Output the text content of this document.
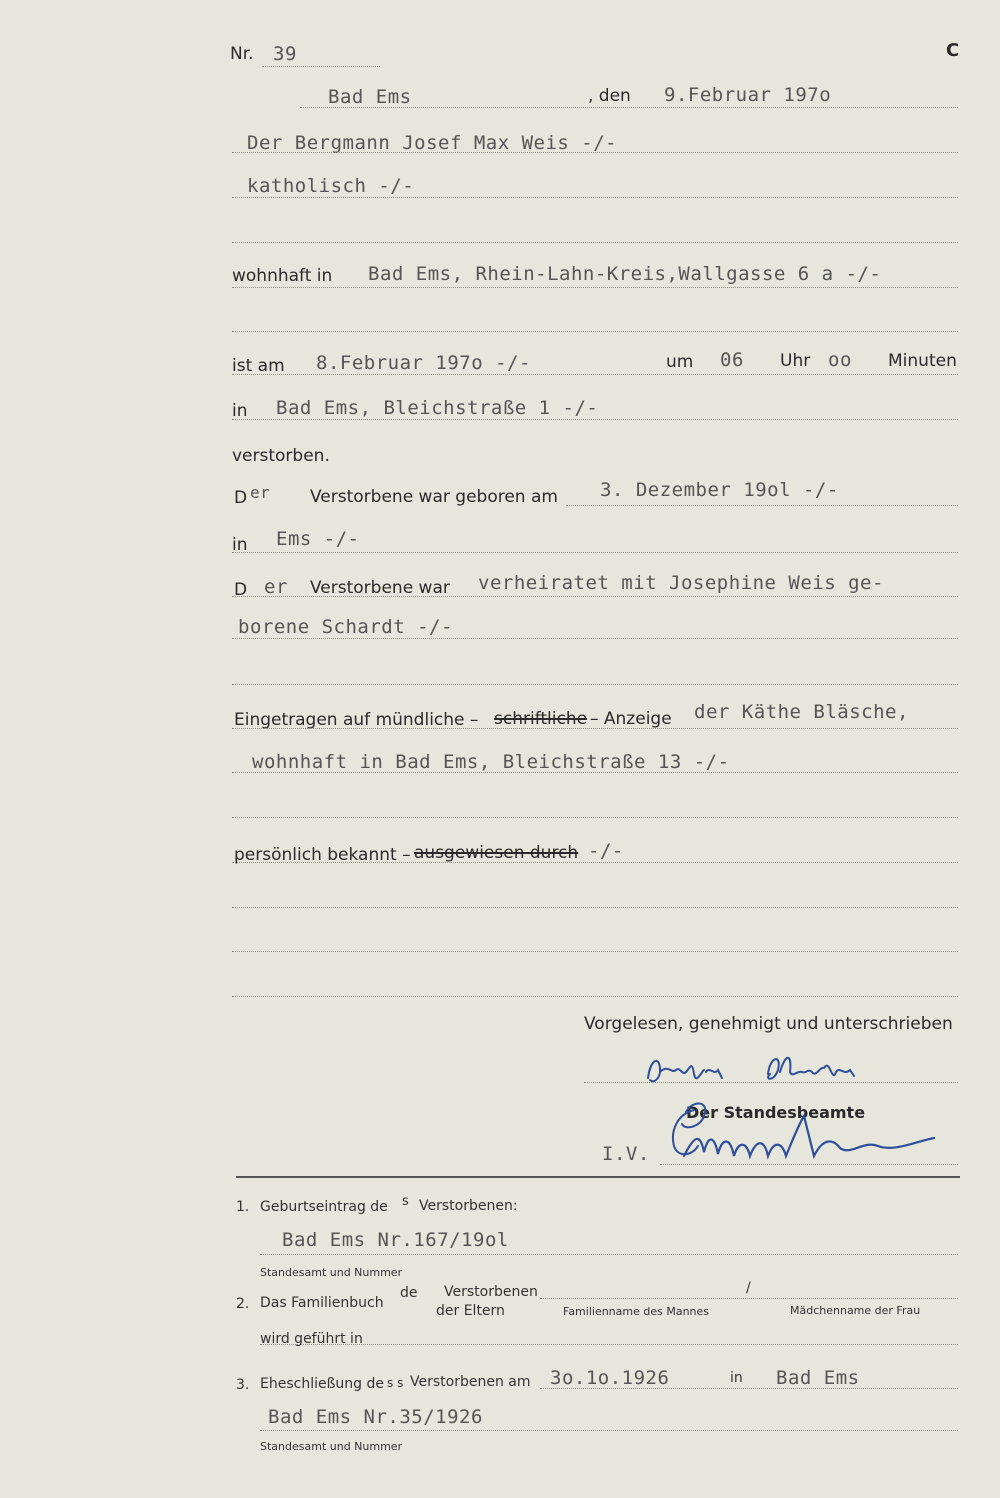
Nr. 39	C
Bad Ems	, den 9.Februar 197o
Der Bergmann Josef Max Weis -/-
katholisch -/-
wohnhaft in Bad Ems, Rhein-Lahn-Kreis,Wallgasse 6 a -/-
ist am 8.Februar 197o -/-	um 06 Uhr oo Minuten
in Bad Ems, Bleichstraße 1 -/-
verstorben.
D er Verstorbene war geboren am 3. Dezember 19ol -/-
in Ems -/-
D er Verstorbene war verheiratet mit Josephine Weis ge-
borene Schardt -/-
Eingetragen auf mündliche – schriftliche – Anzeige der Käthe Bläsche,
wohnhaft in Bad Ems, Bleichstraße 13 -/-
persönlich bekannt – ausgewiesen durch -/-
Vorgelesen, genehmigt und unterschrieben
Der Standesbeamte
I.V.
1. Geburtseintrag de s Verstorbenen:
Bad Ems Nr.167/19ol
Standesamt und Nummer
2. Das Familienbuch
de Verstorbenen
der Eltern
/
Familienname des Mannes	Mädchenname der Frau
wird geführt in
3. Eheschließung de s s Verstorbenen am 3o.1o.1926	in Bad Ems
Bad Ems Nr.35/1926
Standesamt und Nummer
